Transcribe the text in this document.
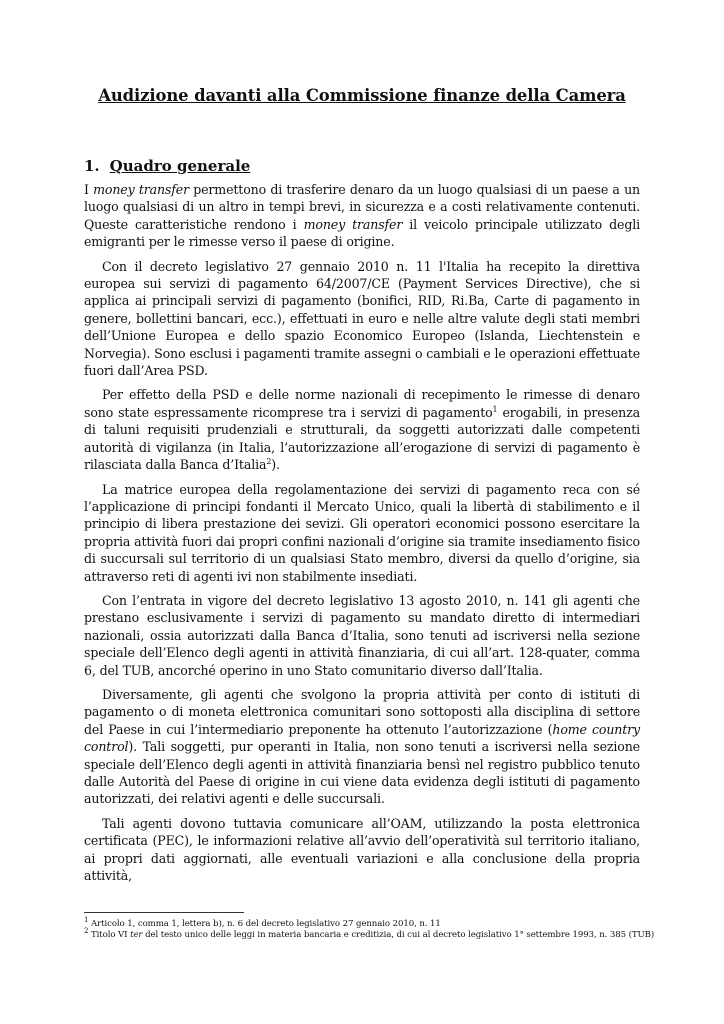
Audizione davanti alla Commissione finanze della Camera
1. Quadro generale

I money transfer permettono di trasferire denaro da un luogo qualsiasi di un paese a un luogo qualsiasi di un altro in tempi brevi, in sicurezza e a costi relativamente contenuti. Queste caratteristiche rendono i money transfer il veicolo principale utilizzato degli emigranti per le rimesse verso il paese di origine.

Con il decreto legislativo 27 gennaio 2010 n. 11 l'Italia ha recepito la direttiva europea sui servizi di pagamento 64/2007/CE (Payment Services Directive), che si applica ai principali servizi di pagamento (bonifici, RID, Ri.Ba, Carte di pagamento in genere, bollettini bancari, ecc.), effettuati in euro e nelle altre valute degli stati membri dell’Unione Europea e dello spazio Economico Europeo (Islanda, Liechtenstein e Norvegia). Sono esclusi i pagamenti tramite assegni o cambiali e le operazioni effettuate fuori dall’Area PSD.

Per effetto della PSD e delle norme nazionali di recepimento le rimesse di denaro sono state espressamente ricomprese tra i servizi di pagamento$^1$ erogabili, in presenza di taluni requisiti prudenziali e strutturali, da soggetti autorizzati dalle competenti autorità di vigilanza (in Italia, l’autorizzazione all’erogazione di servizi di pagamento è rilasciata dalla Banca d’Italia$^2$).

La matrice europea della regolamentazione dei servizi di pagamento reca con sé l’applicazione di principi fondanti il Mercato Unico, quali la libertà di stabilimento e il principio di libera prestazione dei sevizi. Gli operatori economici possono esercitare la propria attività fuori dai propri confini nazionali d’origine sia tramite insediamento fisico di succursali sul territorio di un qualsiasi Stato membro, diversi da quello d’origine, sia attraverso reti di agenti ivi non stabilmente insediati.

Con l’entrata in vigore del decreto legislativo 13 agosto 2010, n. 141 gli agenti che prestano esclusivamente i servizi di pagamento su mandato diretto di intermediari nazionali, ossia autorizzati dalla Banca d’Italia, sono tenuti ad iscriversi nella sezione speciale dell’Elenco degli agenti in attività finanziaria, di cui all’art. 128-quater, comma 6, del TUB, ancorché operino in uno Stato comunitario diverso dall’Italia.

Diversamente, gli agenti che svolgono la propria attività per conto di istituti di pagamento o di moneta elettronica comunitari sono sottoposti alla disciplina di settore del Paese in cui l’intermediario preponente ha ottenuto l’autorizzazione (home country control). Tali soggetti, pur operanti in Italia, non sono tenuti a iscriversi nella sezione speciale dell’Elenco degli agenti in attività finanziaria bensì nel registro pubblico tenuto dalle Autorità del Paese di origine in cui viene data evidenza degli istituti di pagamento autorizzati, dei relativi agenti e delle succursali.

Tali agenti dovono tuttavia comunicare all’OAM, utilizzando la posta elettronica certificata (PEC), le informazioni relative all’avvio dell’operatività sul territorio italiano, ai propri dati aggiornati, alle eventuali variazioni e alla conclusione della propria attività,

$^1$ Articolo 1, comma 1, lettera b), n. 6 del decreto legislativo 27 gennaio 2010, n. 11
$^2$ Titolo VI ter del testo unico delle leggi in materia bancaria e creditizia, di cui al decreto legislativo 1° settembre 1993, n. 385 (TUB)
